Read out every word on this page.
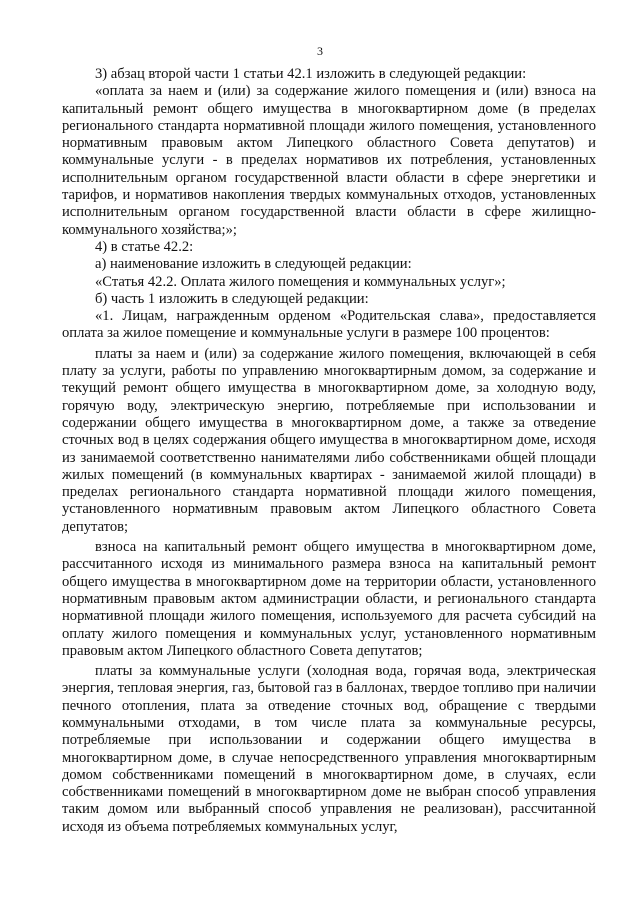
3

3) абзац второй части 1 статьи 42.1 изложить в следующей редакции:

«оплата за наем и (или) за содержание жилого помещения и (или) взноса на капитальный ремонт общего имущества в многоквартирном доме (в пределах регионального стандарта нормативной площади жилого помещения, установленного нормативным правовым актом Липецкого областного Совета депутатов) и коммунальные услуги - в пределах нормативов их потребления, установленных исполнительным органом государственной власти области в сфере энергетики и тарифов, и нормативов накопления твердых коммунальных отходов, установленных исполнительным органом государственной власти области в сфере жилищно-коммунального хозяйства;»;

4) в статье 42.2:

а) наименование изложить в следующей редакции:

«Статья 42.2. Оплата жилого помещения и коммунальных услуг»;

б) часть 1 изложить в следующей редакции:

«1. Лицам, награжденным орденом «Родительская слава», предоставляется оплата за жилое помещение и коммунальные услуги в размере 100 процентов:

платы за наем и (или) за содержание жилого помещения, включающей в себя плату за услуги, работы по управлению многоквартирным домом, за содержание и текущий ремонт общего имущества в многоквартирном доме, за холодную воду, горячую воду, электрическую энергию, потребляемые при использовании и содержании общего имущества в многоквартирном доме, а также за отведение сточных вод в целях содержания общего имущества в многоквартирном доме, исходя из занимаемой соответственно нанимателями либо собственниками общей площади жилых помещений (в коммунальных квартирах - занимаемой жилой площади) в пределах регионального стандарта нормативной площади жилого помещения, установленного нормативным правовым актом Липецкого областного Совета депутатов;

взноса на капитальный ремонт общего имущества в многоквартирном доме, рассчитанного исходя из минимального размера взноса на капитальный ремонт общего имущества в многоквартирном доме на территории области, установленного нормативным правовым актом администрации области, и регионального стандарта нормативной площади жилого помещения, используемого для расчета субсидий на оплату жилого помещения и коммунальных услуг, установленного нормативным правовым актом Липецкого областного Совета депутатов;

платы за коммунальные услуги (холодная вода, горячая вода, электрическая энергия, тепловая энергия, газ, бытовой газ в баллонах, твердое топливо при наличии печного отопления, плата за отведение сточных вод, обращение с твердыми коммунальными отходами, в том числе плата за коммунальные ресурсы, потребляемые при использовании и содержании общего имущества в многоквартирном доме, в случае непосредственного управления многоквартирным домом собственниками помещений в многоквартирном доме, в случаях, если собственниками помещений в многоквартирном доме не выбран способ управления таким домом или выбранный способ управления не реализован), рассчитанной исходя из объема потребляемых коммунальных услуг,
